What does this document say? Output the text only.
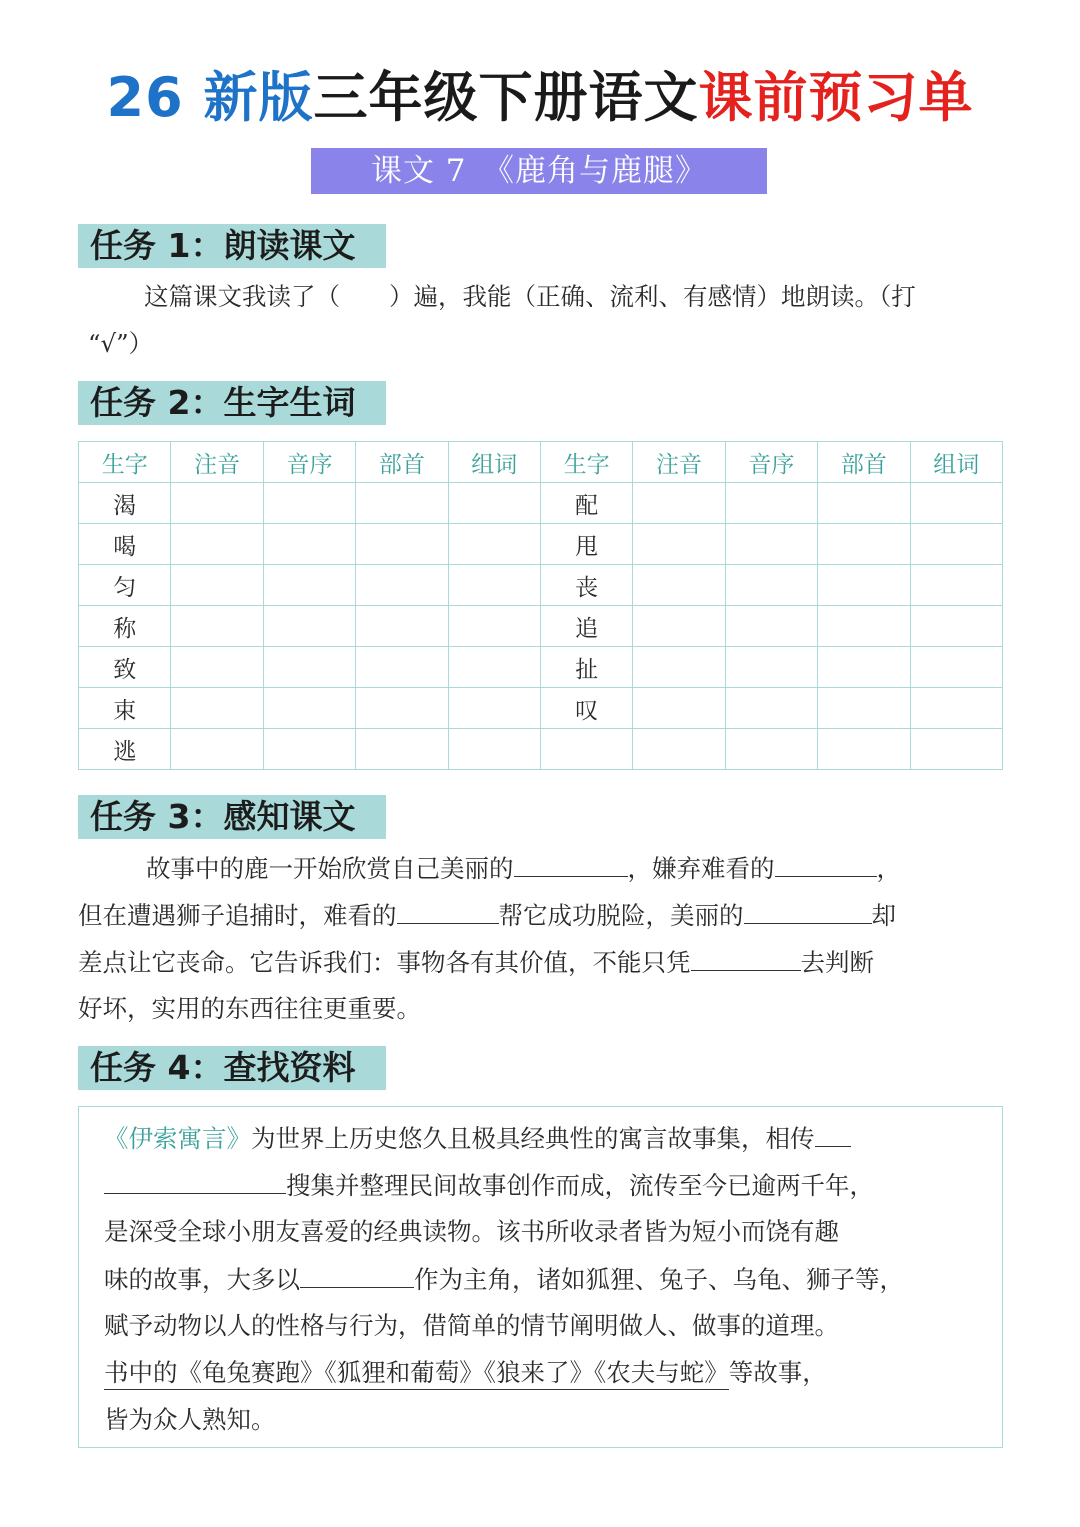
26 新版三年级下册语文课前预习单
课文 7　《鹿角与鹿腿》
任务 1：朗读课文
这篇课文我读了（　　）遍，我能（正确、流利、有感情）地朗读。（打
“√”）
任务 2：生字生词
生字	注音	音序	部首	组词	生字	注音	音序	部首	组词
渴					配				
喝					甩				
匀					丧				
称					追				
致					扯				
束					叹				
逃									
任务 3：感知课文
故事中的鹿一开始欣赏自己美丽的	，嫌弃难看的	，
但在遭遇狮子追捕时，难看的	帮它成功脱险，美丽的	却
差点让它丧命。它告诉我们：事物各有其价值，不能只凭	去判断
好坏，实用的东西往往更重要。
任务 4：查找资料
《伊索寓言》为世界上历史悠久且极具经典性的寓言故事集，相传
搜集并整理民间故事创作而成，流传至今已逾两千年，
是深受全球小朋友喜爱的经典读物。该书所收录者皆为短小而饶有趣
味的故事，大多以	作为主角，诸如狐狸、兔子、乌龟、狮子等，
赋予动物以人的性格与行为，借简单的情节阐明做人、做事的道理。
书中的《龟兔赛跑》《狐狸和葡萄》《狼来了》《农夫与蛇》等故事，
皆为众人熟知。
